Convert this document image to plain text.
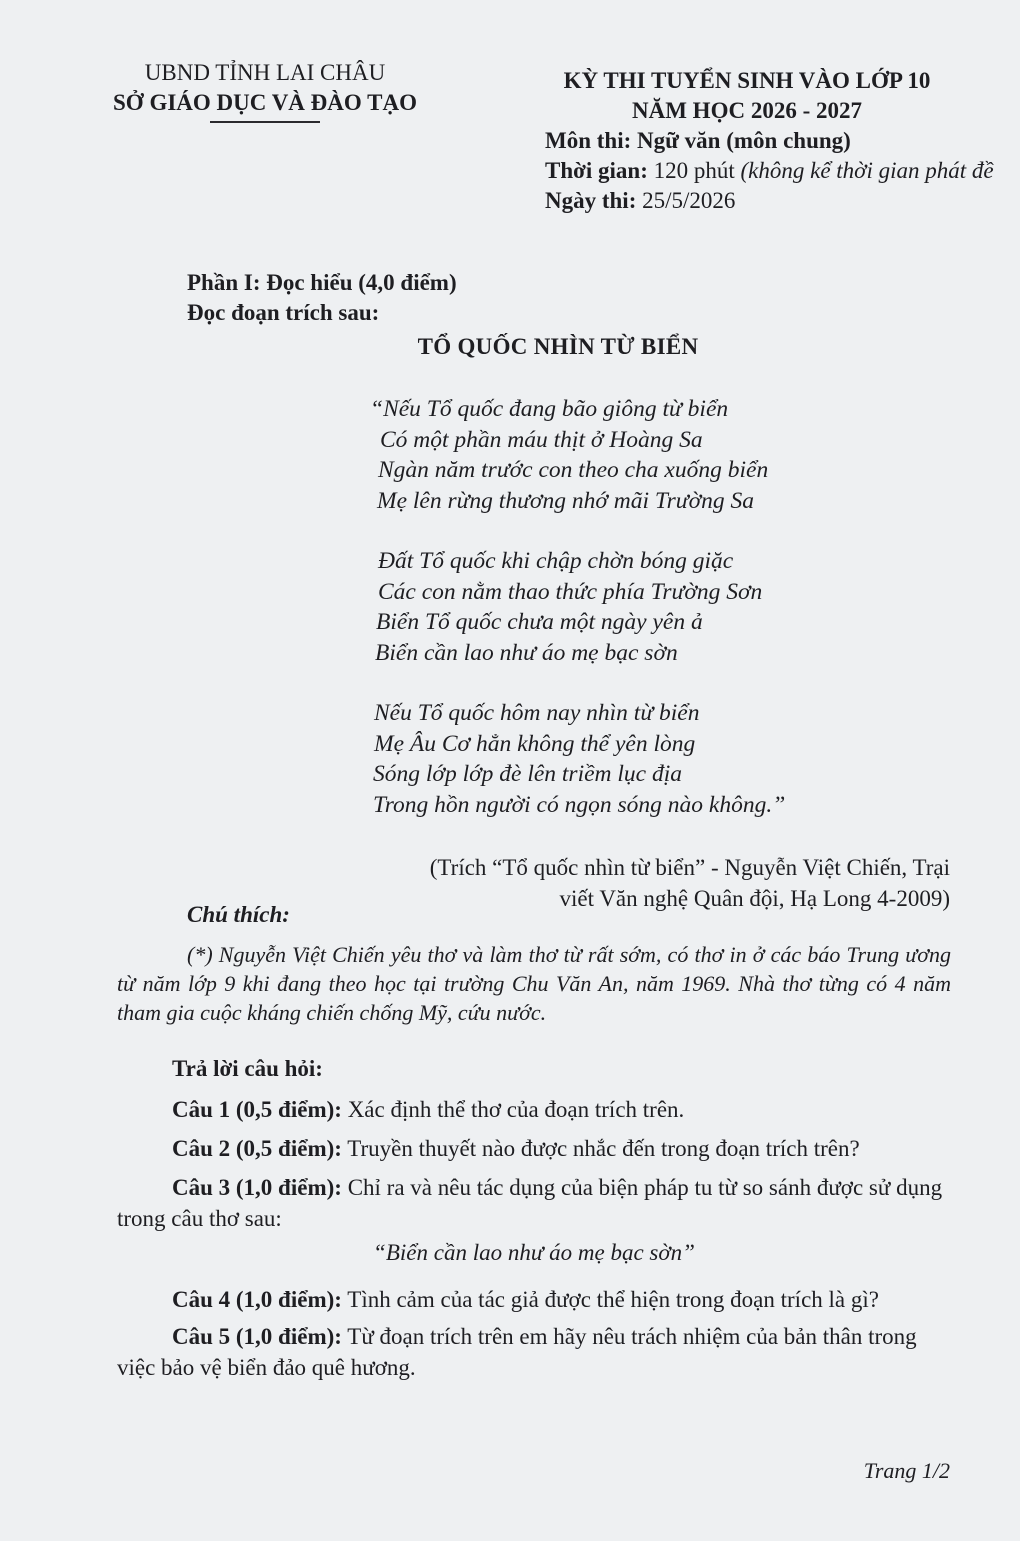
UBND TỈNH LAI CHÂU
SỞ GIÁO DỤC VÀ ĐÀO TẠO
KỲ THI TUYỂN SINH VÀO LỚP 10
NĂM HỌC 2026 - 2027
Môn thi: Ngữ văn (môn chung)
Thời gian: 120 phút (không kể thời gian phát đề
Ngày thi: 25/5/2026
Phần I: Đọc hiểu (4,0 điểm)
Đọc đoạn trích sau:
TỔ QUỐC NHÌN TỪ BIỂN
“Nếu Tổ quốc đang bão giông từ biển
Có một phần máu thịt ở Hoàng Sa
Ngàn năm trước con theo cha xuống biển
Mẹ lên rừng thương nhớ mãi Trường Sa
Đất Tổ quốc khi chập chờn bóng giặc
Các con nằm thao thức phía Trường Sơn
Biển Tổ quốc chưa một ngày yên ả
Biển cần lao như áo mẹ bạc sờn
Nếu Tổ quốc hôm nay nhìn từ biển
Mẹ Âu Cơ hẳn không thể yên lòng
Sóng lớp lớp đè lên triềm lục địa
Trong hồn người có ngọn sóng nào không.”
(Trích “Tổ quốc nhìn từ biển” - Nguyễn Việt Chiến, Trại
viết Văn nghệ Quân đội, Hạ Long 4-2009)
Chú thích:
(*) Nguyễn Việt Chiến yêu thơ và làm thơ từ rất sớm, có thơ in ở các báo Trung ương từ năm lớp 9 khi đang theo học tại trường Chu Văn An, năm 1969. Nhà thơ từng có 4 năm tham gia cuộc kháng chiến chống Mỹ, cứu nước.
Trả lời câu hỏi:
Câu 1 (0,5 điểm): Xác định thể thơ của đoạn trích trên.
Câu 2 (0,5 điểm): Truyền thuyết nào được nhắc đến trong đoạn trích trên?
Câu 3 (1,0 điểm): Chỉ ra và nêu tác dụng của biện pháp tu từ so sánh được sử dụng trong câu thơ sau:
“Biển cần lao như áo mẹ bạc sờn”
Câu 4 (1,0 điểm): Tình cảm của tác giả được thể hiện trong đoạn trích là gì?
Câu 5 (1,0 điểm): Từ đoạn trích trên em hãy nêu trách nhiệm của bản thân trong việc bảo vệ biển đảo quê hương.
Trang 1/2
